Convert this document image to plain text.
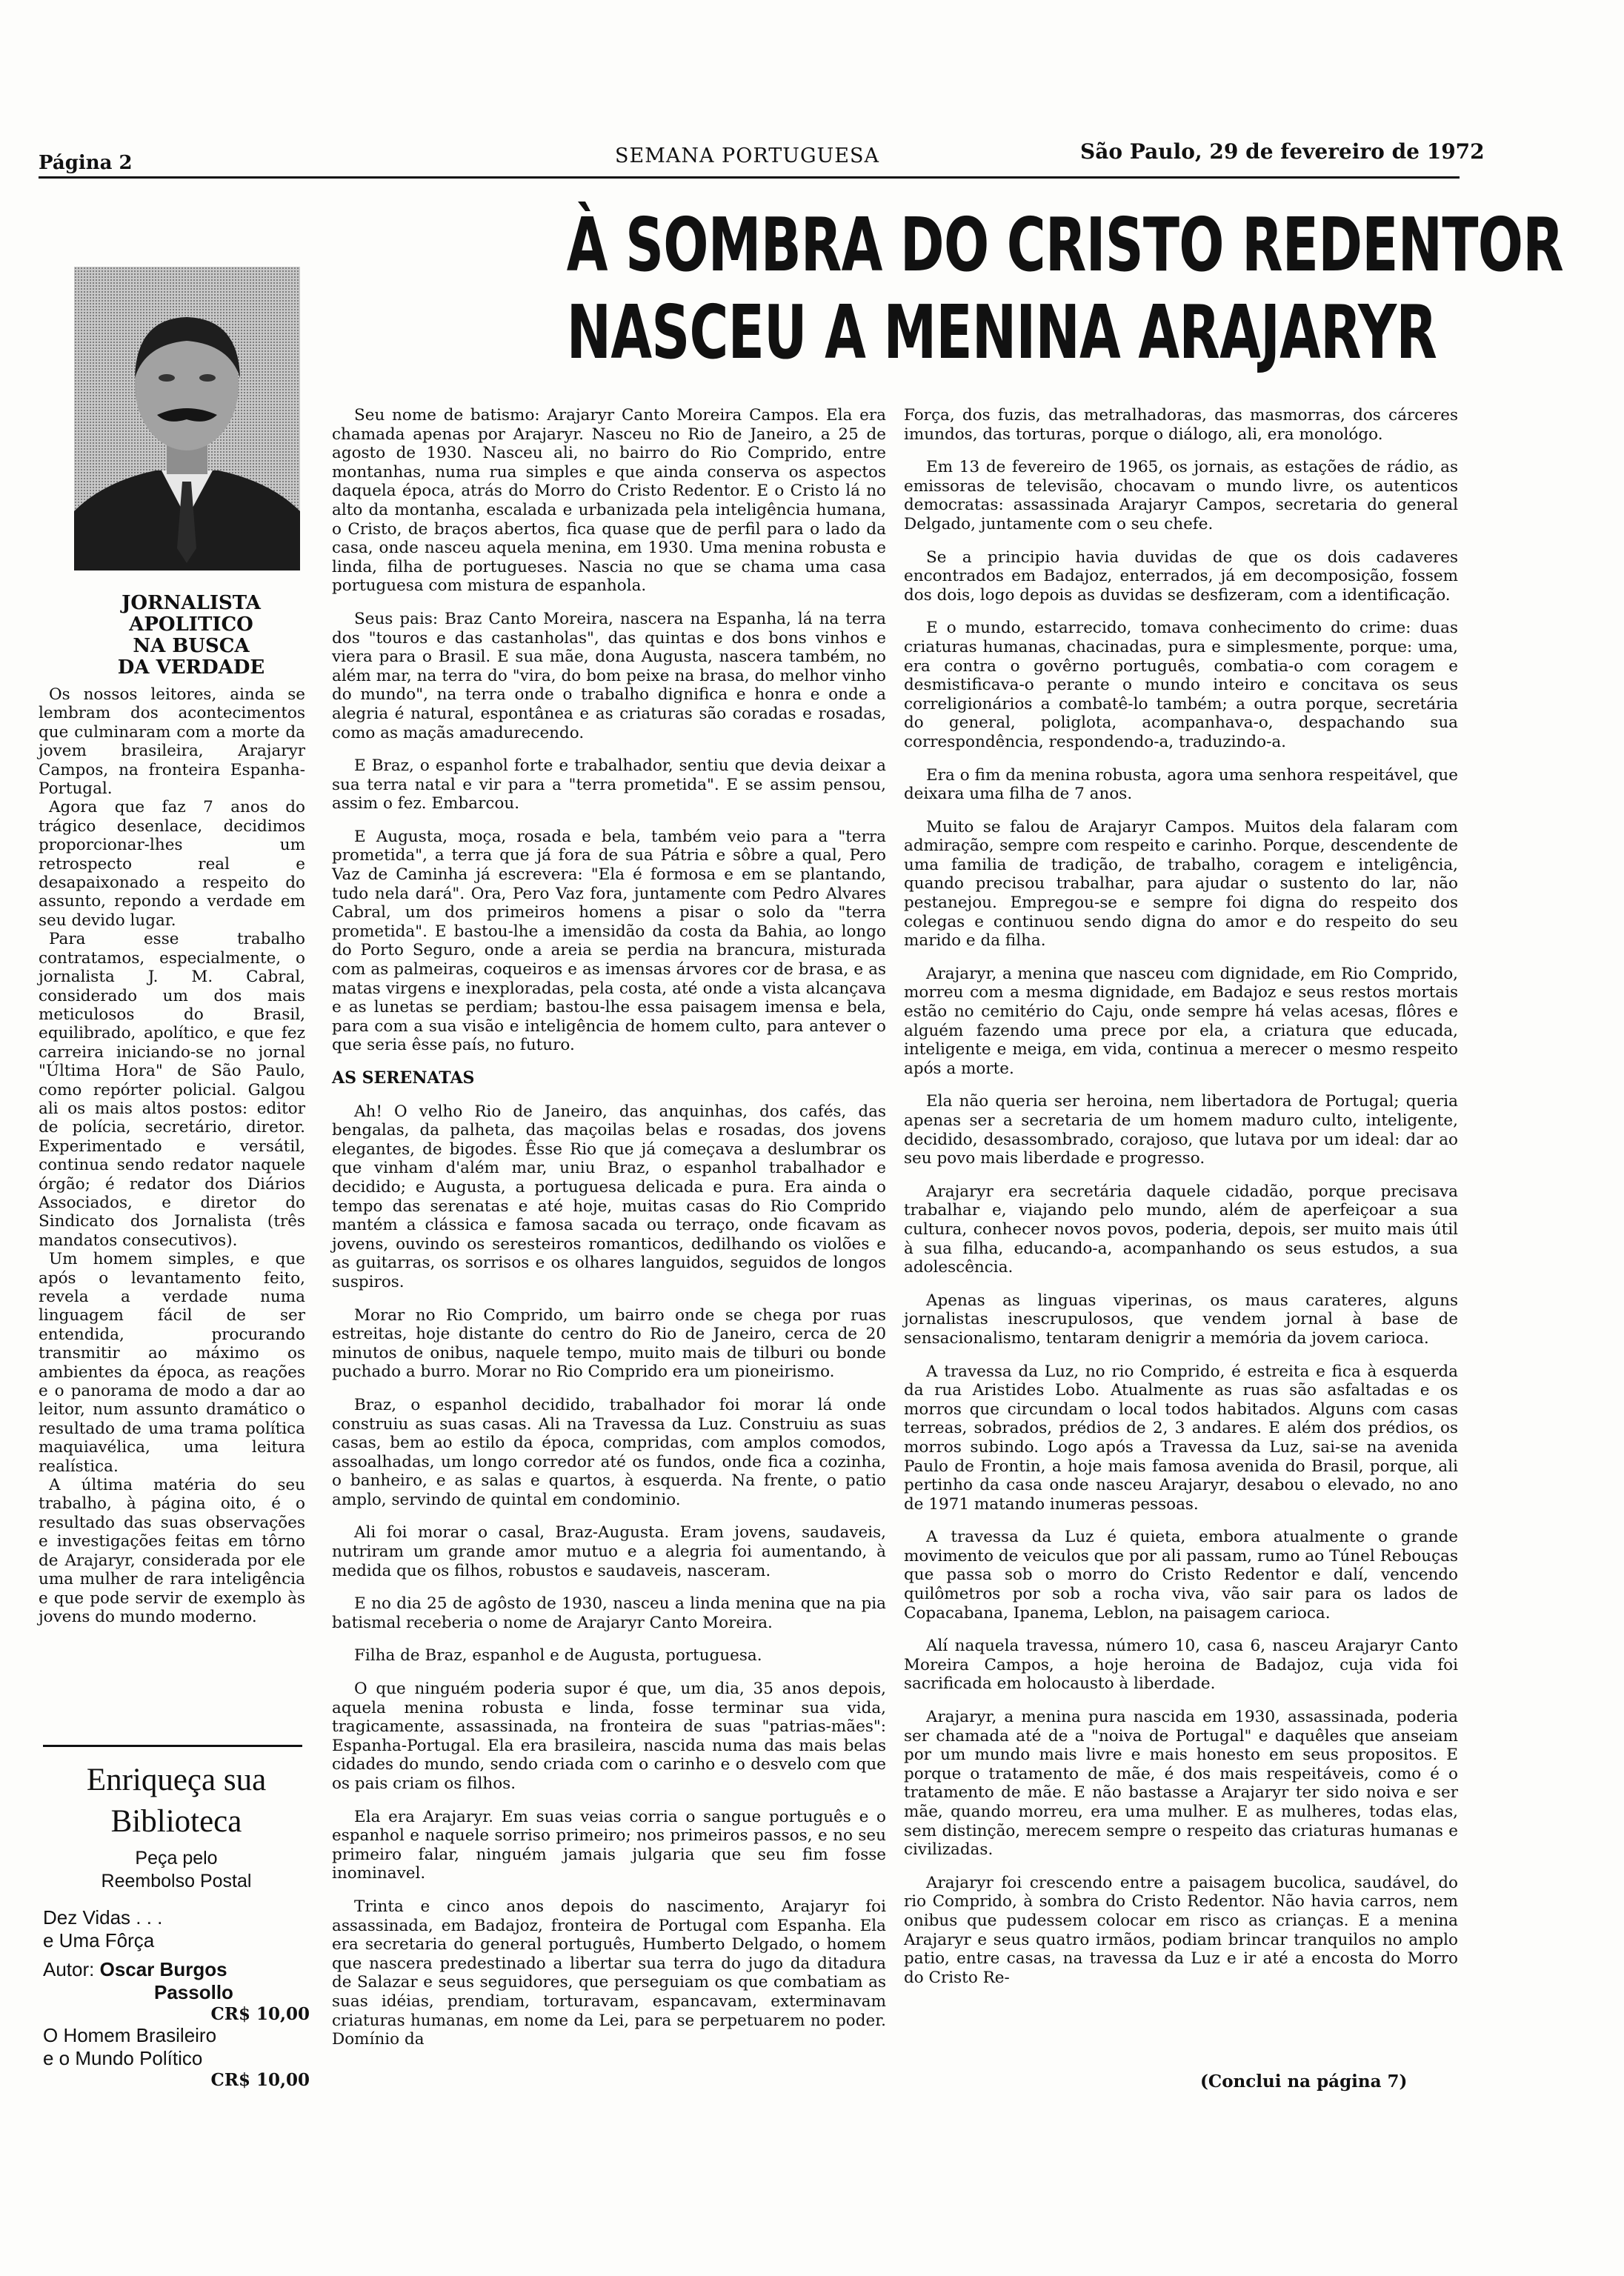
Página 2	SEMANA PORTUGUESA	São Paulo, 29 de fevereiro de 1972
À SOMBRA DO CRISTO REDENTOR
NASCEU A MENINA ARAJARYR
JORNALISTA
APOLITICO
NA BUSCA
DA VERDADE

Os nossos leitores, ainda se lembram dos acontecimentos que culminaram com a morte da jovem brasileira, Arajaryr Campos, na fronteira Espanha-Portugal.

Agora que faz 7 anos do trágico desenlace, decidimos proporcionar-lhes um retrospecto real e desapaixonado a respeito do assunto, repondo a verdade em seu devido lugar.

Para esse trabalho contratamos, especialmente, o jornalista J. M. Cabral, considerado um dos mais meticulosos do Brasil, equilibrado, apolítico, e que fez carreira iniciando-se no jornal "Última Hora" de São Paulo, como repórter policial. Galgou ali os mais altos postos: editor de polícia, secretário, diretor. Experimentado e versátil, continua sendo redator naquele órgão; é redator dos Diários Associados, e diretor do Sindicato dos Jornalista (três mandatos consecutivos).

Um homem simples, e que após o levantamento feito, revela a verdade numa linguagem fácil de ser entendida, procurando transmitir ao máximo os ambientes da época, as reações e o panorama de modo a dar ao leitor, num assunto dramático o resultado de uma trama política maquiavélica, uma leitura realística.

A última matéria do seu trabalho, à página oito, é o resultado das suas observações e investigações feitas em tôrno de Arajaryr, considerada por ele uma mulher de rara inteligência e que pode servir de exemplo às jovens do mundo moderno.

Enriqueça sua
Biblioteca
Peça pelo
Reembolso Postal
Dez Vidas . . .
e Uma Fôrça
Autor: Oscar Burgos
Passollo
CR$ 10,00
O Homem Brasileiro
e o Mundo Político
CR$ 10,00

Seu nome de batismo: Arajaryr Canto Moreira Campos. Ela era chamada apenas por Arajaryr. Nasceu no Rio de Janeiro, a 25 de agosto de 1930. Nasceu ali, no bairro do Rio Comprido, entre montanhas, numa rua simples e que ainda conserva os aspectos daquela época, atrás do Morro do Cristo Redentor. E o Cristo lá no alto da montanha, escalada e urbanizada pela inteligência humana, o Cristo, de braços abertos, fica quase que de perfil para o lado da casa, onde nasceu aquela menina, em 1930. Uma menina robusta e linda, filha de portugueses. Nascia no que se chama uma casa portuguesa com mistura de espanhola.

Seus pais: Braz Canto Moreira, nascera na Espanha, lá na terra dos "touros e das castanholas", das quintas e dos bons vinhos e viera para o Brasil. E sua mãe, dona Augusta, nascera também, no além mar, na terra do "vira, do bom peixe na brasa, do melhor vinho do mundo", na terra onde o trabalho dignifica e honra e onde a alegria é natural, espontânea e as criaturas são coradas e rosadas, como as maçãs amadurecendo.

E Braz, o espanhol forte e trabalhador, sentiu que devia deixar a sua terra natal e vir para a "terra prometida". E se assim pensou, assim o fez. Embarcou.

E Augusta, moça, rosada e bela, também veio para a "terra prometida", a terra que já fora de sua Pátria e sôbre a qual, Pero Vaz de Caminha já escrevera: "Ela é formosa e em se plantando, tudo nela dará". Ora, Pero Vaz fora, juntamente com Pedro Alvares Cabral, um dos primeiros homens a pisar o solo da "terra prometida". E bastou-lhe a imensidão da costa da Bahia, ao longo do Porto Seguro, onde a areia se perdia na brancura, misturada com as palmeiras, coqueiros e as imensas árvores cor de brasa, e as matas virgens e inexploradas, pela costa, até onde a vista alcançava e as lunetas se perdiam; bastou-lhe essa paisagem imensa e bela, para com a sua visão e inteligência de homem culto, para antever o que seria êsse país, no futuro.

AS SERENATAS

Ah! O velho Rio de Janeiro, das anquinhas, dos cafés, das bengalas, da palheta, das maçoilas belas e rosadas, dos jovens elegantes, de bigodes. Êsse Rio que já começava a deslumbrar os que vinham d'além mar, uniu Braz, o espanhol trabalhador e decidido; e Augusta, a portuguesa delicada e pura. Era ainda o tempo das serenatas e até hoje, muitas casas do Rio Comprido mantém a clássica e famosa sacada ou terraço, onde ficavam as jovens, ouvindo os seresteiros romanticos, dedilhando os violões e as guitarras, os sorrisos e os olhares languidos, seguidos de longos suspiros.

Morar no Rio Comprido, um bairro onde se chega por ruas estreitas, hoje distante do centro do Rio de Janeiro, cerca de 20 minutos de onibus, naquele tempo, muito mais de tilburi ou bonde puchado a burro. Morar no Rio Comprido era um pioneirismo.

Braz, o espanhol decidido, trabalhador foi morar lá onde construiu as suas casas. Ali na Travessa da Luz. Construiu as suas casas, bem ao estilo da época, compridas, com amplos comodos, assoalhadas, um longo corredor até os fundos, onde fica a cozinha, o banheiro, e as salas e quartos, à esquerda. Na frente, o patio amplo, servindo de quintal em condominio.

Ali foi morar o casal, Braz-Augusta. Eram jovens, saudaveis, nutriram um grande amor mutuo e a alegria foi aumentando, à medida que os filhos, robustos e saudaveis, nasceram.

E no dia 25 de agôsto de 1930, nasceu a linda menina que na pia batismal receberia o nome de Arajaryr Canto Moreira.

Filha de Braz, espanhol e de Augusta, portuguesa.

O que ninguém poderia supor é que, um dia, 35 anos depois, aquela menina robusta e linda, fosse terminar sua vida, tragicamente, assassinada, na fronteira de suas "patrias-mães": Espanha-Portugal. Ela era brasileira, nascida numa das mais belas cidades do mundo, sendo criada com o carinho e o desvelo com que os pais criam os filhos.

Ela era Arajaryr. Em suas veias corria o sangue português e o espanhol e naquele sorriso primeiro; nos primeiros passos, e no seu primeiro falar, ninguém jamais julgaria que seu fim fosse inominavel.

Trinta e cinco anos depois do nascimento, Arajaryr foi assassinada, em Badajoz, fronteira de Portugal com Espanha. Ela era secretaria do general português, Humberto Delgado, o homem que nascera predestinado a libertar sua terra do jugo da ditadura de Salazar e seus seguidores, que perseguiam os que combatiam as suas idéias, prendiam, torturavam, espancavam, exterminavam criaturas humanas, em nome da Lei, para se perpetuarem no poder. Domínio da

Força, dos fuzis, das metralhadoras, das masmorras, dos cárceres imundos, das torturas, porque o diálogo, ali, era monológo.

Em 13 de fevereiro de 1965, os jornais, as estações de rádio, as emissoras de televisão, chocavam o mundo livre, os autenticos democratas: assassinada Arajaryr Campos, secretaria do general Delgado, juntamente com o seu chefe.

Se a principio havia duvidas de que os dois cadaveres encontrados em Badajoz, enterrados, já em decomposição, fossem dos dois, logo depois as duvidas se desfizeram, com a identificação.

E o mundo, estarrecido, tomava conhecimento do crime: duas criaturas humanas, chacinadas, pura e simplesmente, porque: uma, era contra o govêrno português, combatia-o com coragem e desmistificava-o perante o mundo inteiro e concitava os seus correligionários a combatê-lo também; a outra porque, secretária do general, poliglota, acompanhava-o, despachando sua correspondência, respondendo-a, traduzindo-a.

Era o fim da menina robusta, agora uma senhora respeitável, que deixara uma filha de 7 anos.

Muito se falou de Arajaryr Campos. Muitos dela falaram com admiração, sempre com respeito e carinho. Porque, descendente de uma familia de tradição, de trabalho, coragem e inteligência, quando precisou trabalhar, para ajudar o sustento do lar, não pestanejou. Empregou-se e sempre foi digna do respeito dos colegas e continuou sendo digna do amor e do respeito do seu marido e da filha.

Arajaryr, a menina que nasceu com dignidade, em Rio Comprido, morreu com a mesma dignidade, em Badajoz e seus restos mortais estão no cemitério do Caju, onde sempre há velas acesas, flôres e alguém fazendo uma prece por ela, a criatura que educada, inteligente e meiga, em vida, continua a merecer o mesmo respeito após a morte.

Ela não queria ser heroina, nem libertadora de Portugal; queria apenas ser a secretaria de um homem maduro culto, inteligente, decidido, desassombrado, corajoso, que lutava por um ideal: dar ao seu povo mais liberdade e progresso.

Arajaryr era secretária daquele cidadão, porque precisava trabalhar e, viajando pelo mundo, além de aperfeiçoar a sua cultura, conhecer novos povos, poderia, depois, ser muito mais útil à sua filha, educando-a, acompanhando os seus estudos, a sua adolescência.

Apenas as linguas viperinas, os maus carateres, alguns jornalistas inescrupulosos, que vendem jornal à base de sensacionalismo, tentaram denigrir a memória da jovem carioca.

A travessa da Luz, no rio Comprido, é estreita e fica à esquerda da rua Aristides Lobo. Atualmente as ruas são asfaltadas e os morros que circundam o local todos habitados. Alguns com casas terreas, sobrados, prédios de 2, 3 andares. E além dos prédios, os morros subindo. Logo após a Travessa da Luz, sai-se na avenida Paulo de Frontin, a hoje mais famosa avenida do Brasil, porque, ali pertinho da casa onde nasceu Arajaryr, desabou o elevado, no ano de 1971 matando inumeras pessoas.

A travessa da Luz é quieta, embora atualmente o grande movimento de veiculos que por ali passam, rumo ao Túnel Rebouças que passa sob o morro do Cristo Redentor e dalí, vencendo quilômetros por sob a rocha viva, vão sair para os lados de Copacabana, Ipanema, Leblon, na paisagem carioca.

Alí naquela travessa, número 10, casa 6, nasceu Arajaryr Canto Moreira Campos, a hoje heroina de Badajoz, cuja vida foi sacrificada em holocausto à liberdade.

Arajaryr, a menina pura nascida em 1930, assassinada, poderia ser chamada até de a "noiva de Portugal" e daquêles que anseiam por um mundo mais livre e mais honesto em seus propositos. E porque o tratamento de mãe, é dos mais respeitáveis, como é o tratamento de mãe. E não bastasse a Arajaryr ter sido noiva e ser mãe, quando morreu, era uma mulher. E as mulheres, todas elas, sem distinção, merecem sempre o respeito das criaturas humanas e civilizadas.

Arajaryr foi crescendo entre a paisagem bucolica, saudável, do rio Comprido, à sombra do Cristo Redentor. Não havia carros, nem onibus que pudessem colocar em risco as crianças. E a menina Arajaryr e seus quatro irmãos, podiam brincar tranquilos no amplo patio, entre casas, na travessa da Luz e ir até a encosta do Morro do Cristo Re-

(Conclui na página 7)
